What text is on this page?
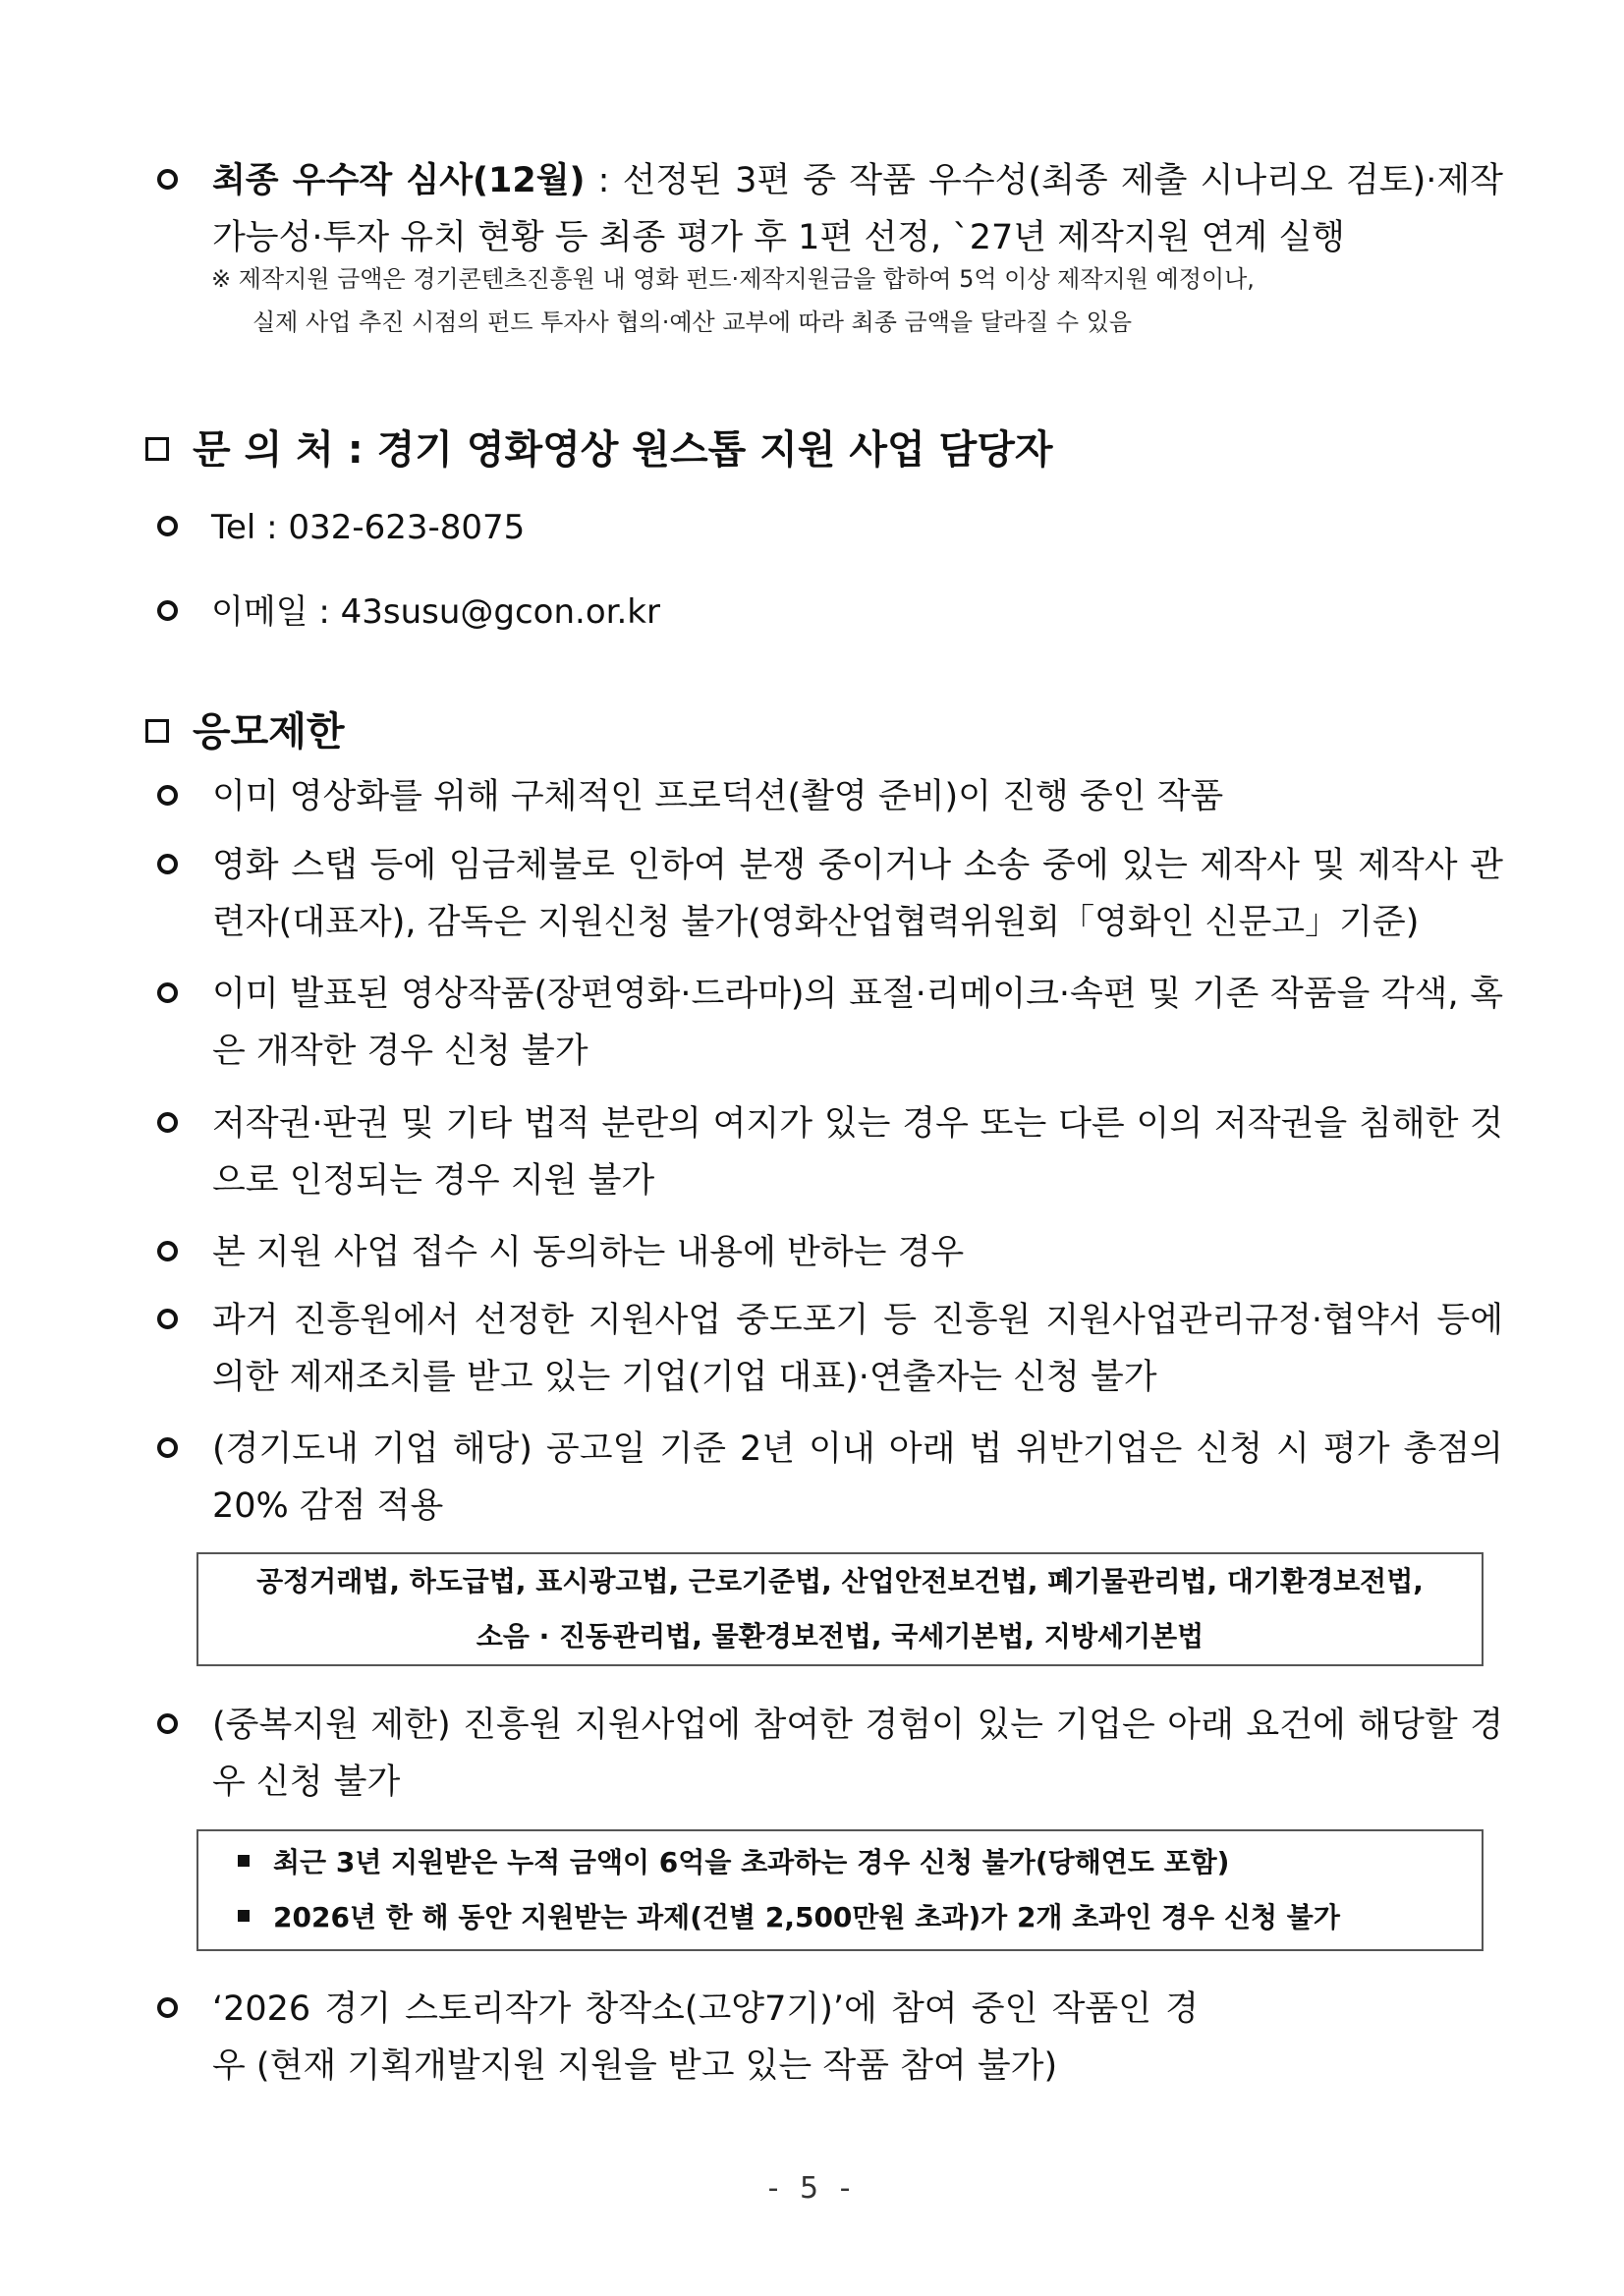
최종 우수작 심사(12월) : 선정된 3편 중 작품 우수성(최종 제출 시나리오 검토)·제작 가능성·투자 유치 현황 등 최종 평가 후 1편 선정, `27년 제작지원 연계 실행
※ 제작지원 금액은 경기콘텐츠진흥원 내 영화 펀드·제작지원금을 합하여 5억 이상 제작지원 예정이나,
실제 사업 추진 시점의 펀드 투자사 협의·예산 교부에 따라 최종 금액을 달라질 수 있음
문 의 처 : 경기 영화영상 원스톱 지원 사업 담당자
Tel : 032-623-8075
이메일 : 43susu@gcon.or.kr
응모제한
이미 영상화를 위해 구체적인 프로덕션(촬영 준비)이 진행 중인 작품
영화 스탭 등에 임금체불로 인하여 분쟁 중이거나 소송 중에 있는 제작사 및 제작사 관련자(대표자), 감독은 지원신청 불가(영화산업협력위원회「영화인 신문고」기준)
이미 발표된 영상작품(장편영화·드라마)의 표절·리메이크·속편 및 기존 작품을 각색, 혹은 개작한 경우 신청 불가
저작권·판권 및 기타 법적 분란의 여지가 있는 경우 또는 다른 이의 저작권을 침해한 것으로 인정되는 경우 지원 불가
본 지원 사업 접수 시 동의하는 내용에 반하는 경우
과거 진흥원에서 선정한 지원사업 중도포기 등 진흥원 지원사업관리규정·협약서 등에 의한 제재조치를 받고 있는 기업(기업 대표)·연출자는 신청 불가
(경기도내 기업 해당) 공고일 기준 2년 이내 아래 법 위반기업은 신청 시 평가 총점의 20% 감점 적용
공정거래법, 하도급법, 표시광고법, 근로기준법, 산업안전보건법, 폐기물관리법, 대기환경보전법,
소음 · 진동관리법, 물환경보전법, 국세기본법, 지방세기본법
(중복지원 제한) 진흥원 지원사업에 참여한 경험이 있는 기업은 아래 요건에 해당할 경우 신청 불가
최근 3년 지원받은 누적 금액이 6억을 초과하는 경우 신청 불가(당해연도 포함)
2026년 한 해 동안 지원받는 과제(건별 2,500만원 초과)가 2개 초과인 경우 신청 불가
‘2026 경기 스토리작가 창작소(고양7기)’에 참여 중인 작품인 경우 (현재 기획개발지원 지원을 받고 있는 작품 참여 불가)
- 5 -
